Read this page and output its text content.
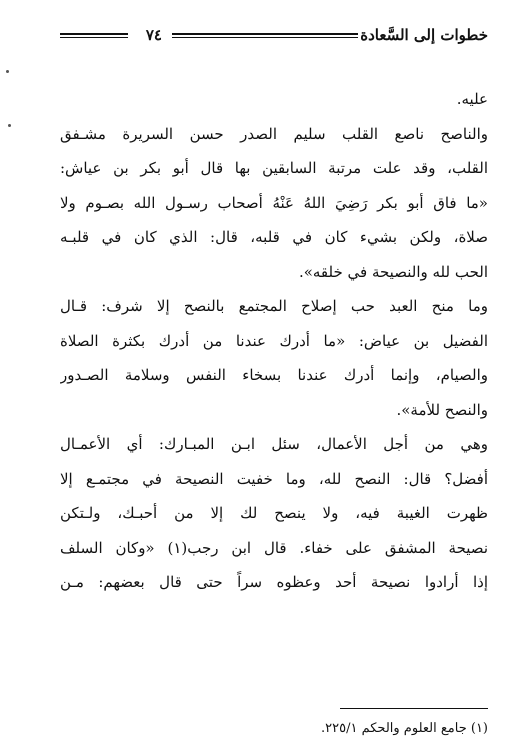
خطوات إلى السَّعادة
٧٤
عليه.
والناصح ناصع القلب سليم الصدر حسن السريرة مشـفق
القلب، وقد علت مرتبة السابقين بها قال أبو بكر بن عياش:
«ما فاق أبو بكر رَضِيَ اللهُ عَنْهُ أصحاب رسـول الله بصـوم ولا
صلاة، ولكن بشيء كان في قلبه، قال: الذي كان في قلبـه
الحب لله والنصيحة في خلقه».
وما منح العبد حب إصلاح المجتمع بالنصح إلا شرف: قـال
الفضيل بن عياض: «ما أدرك عندنا من أدرك بكثرة الصلاة
والصيام، وإنما أدرك عندنا بسخاء النفس وسلامة الصـدور
والنصح للأمة».
وهي من أجل الأعمال، سئل ابـن المبـارك: أي الأعمـال
أفضل؟ قال: النصح لله، وما خفيت النصيحة في مجتمـع إلا
ظهرت الغيبة فيه، ولا ينصح لك إلا من أحبـك، ولـتكن
نصيحة المشفق على خفاء. قال ابن رجب(١) «وكان السلف
إذا أرادوا نصيحة أحد وعظوه سراً حتى قال بعضهم: مـن
(١) جامع العلوم والحكم ٢٢٥/١.
